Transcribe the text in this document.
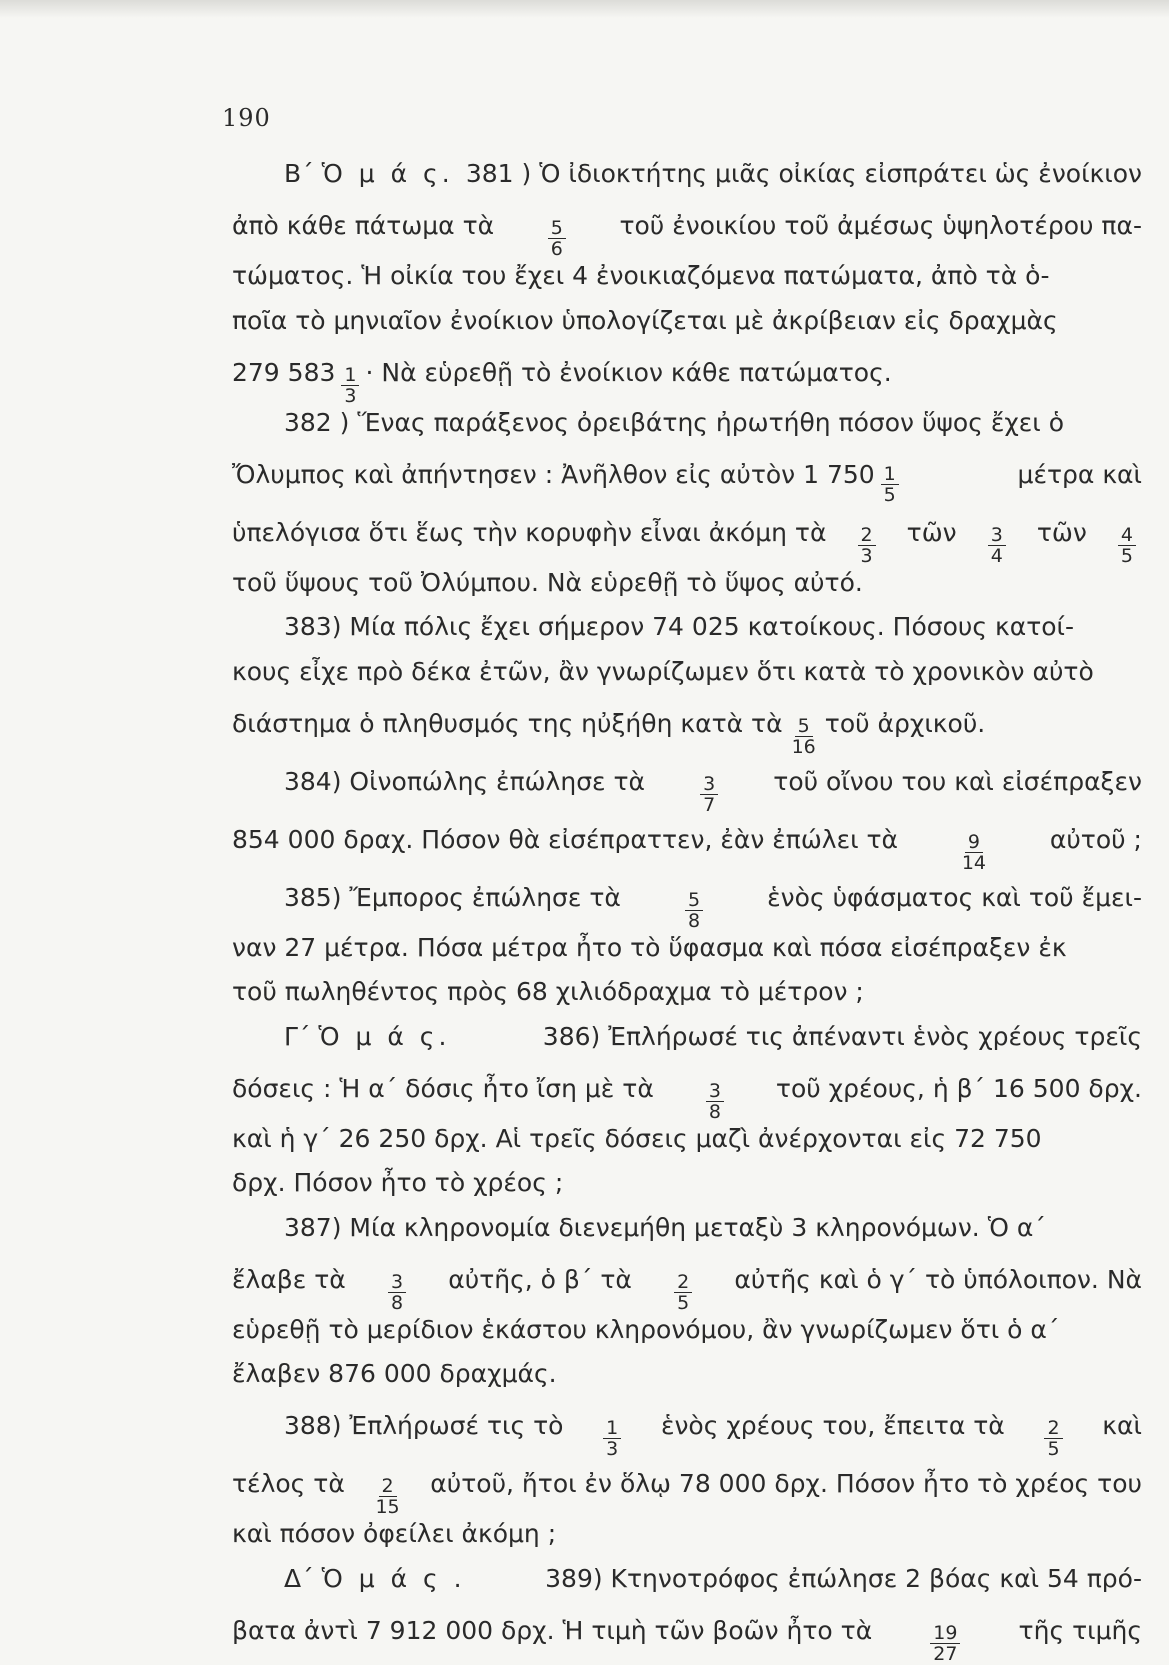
190
Β΄ Ὁ μ ά ς. 381 ) Ὁ ἰδιοκτήτης μιᾶς οἰκίας εἰσπράτει ὡς ἐνοίκιον
ἀπὸ κάθε πάτωμα τὰ	$\frac{5}{6}$ τοῦ ἐνοικίου τοῦ ἀμέσως ὑψηλοτέρου πα-
τώματος. Ἡ οἰκία του ἔχει 4 ἐνοικιαζόμενα πατώματα, ἀπὸ τὰ ὁ-
ποῖα τὸ μηνιαῖον ἐνοίκιον ὑπολογίζεται μὲ ἀκρίβειαν εἰς δραχμὰς
279 $583 \frac{1}{3}$ · Νὰ εὑρεθῇ τὸ ἐνοίκιον κάθε πατώματος.
382 ) Ἕνας παράξενος ὀρειβάτης ἠρωτήθη πόσον ὕψος ἔχει ὁ
Ὄλυμπος καὶ ἀπήντησεν : Ἀνῆλθον εἰς αὐτὸν 1 $750 \frac{1}{5}$	μέτρα καὶ
ὑπελόγισα ὅτι ἕως τὴν κορυφὴν εἶναι ἀκόμη τὰ $\frac{2}{3}$ τῶν $\frac{3}{4}$ τῶν $\frac{4}{5}$
τοῦ ὕψους τοῦ Ὀλύμπου. Νὰ εὑρεθῇ τὸ ὕψος αὐτό.
383) Μία πόλις ἔχει σήμερον 74 025 κατοίκους. Πόσους κατοί-
κους εἶχε πρὸ δέκα ἐτῶν, ἂν γνωρίζωμεν ὅτι κατὰ τὸ χρονικὸν αὐτὸ
διάστημα ὁ πληθυσμός της ηὐξήθη κατὰ τὰ $\frac{5}{16}$ τοῦ ἀρχικοῦ.
384) Οἰνοπώλης ἐπώλησε τὰ	$\frac{3}{7}$ τοῦ οἴνου του καὶ εἰσέπραξεν
854 000 δραχ. Πόσον θὰ εἰσέπραττεν, ἐὰν ἐπώλει τὰ	$\frac{9}{14}$ αὐτοῦ ;
385) Ἔμπορος ἐπώλησε τὰ	$\frac{5}{8}$	ἑνὸς ὑφάσματος καὶ τοῦ ἔμει-
ναν 27 μέτρα. Πόσα μέτρα ἦτο τὸ ὕφασμα καὶ πόσα εἰσέπραξεν ἐκ
τοῦ πωληθέντος πρὸς 68 χιλιόδραχμα τὸ μέτρον ;
Γ΄ Ὁ μ ά ς.	386) Ἐπλήρωσέ τις ἀπέναντι ἑνὸς χρέους τρεῖς
δόσεις : Ἡ α΄ δόσις ἦτο ἴση μὲ τὰ	$\frac{3}{8}$ τοῦ χρέους, ἡ β΄ 16 500 δρχ.
καὶ ἡ γ΄ 26 250 δρχ. Αἱ τρεῖς δόσεις μαζὶ ἀνέρχονται εἰς 72 750
δρχ. Πόσον ἦτο τὸ χρέος ;
387) Μία κληρονομία διενεμήθη μεταξὺ 3 κληρονόμων. Ὁ α΄
ἔλαβε τὰ $\frac{3}{8}$ αὐτῆς, ὁ β΄ τὰ $\frac{2}{5}$ αὐτῆς καὶ ὁ γ΄ τὸ ὑπόλοιπον. Νὰ
εὑρεθῇ τὸ μερίδιον ἑκάστου κληρονόμου, ἂν γνωρίζωμεν ὅτι ὁ α΄
ἔλαβεν 876 000 δραχμάς.
388) Ἐπλήρωσέ τις τὸ $\frac{1}{3}$ ἑνὸς χρέους του, ἔπειτα τὰ $\frac{2}{5}$ καὶ
τέλος τὰ $\frac{2}{15}$ αὐτοῦ, ἤτοι ἐν ὅλῳ 78 000 δρχ. Πόσον ἦτο τὸ χρέος του
καὶ πόσον ὀφείλει ἀκόμη ;
Δ΄ Ὁ μ ά ς .	389) Κτηνοτρόφος ἐπώλησε 2 βόας καὶ 54 πρό-
βατα ἀντὶ 7 912 000 δρχ. Ἡ τιμὴ τῶν βοῶν ἦτο τὰ	$\frac{19}{27}$ τῆς τιμῆς
